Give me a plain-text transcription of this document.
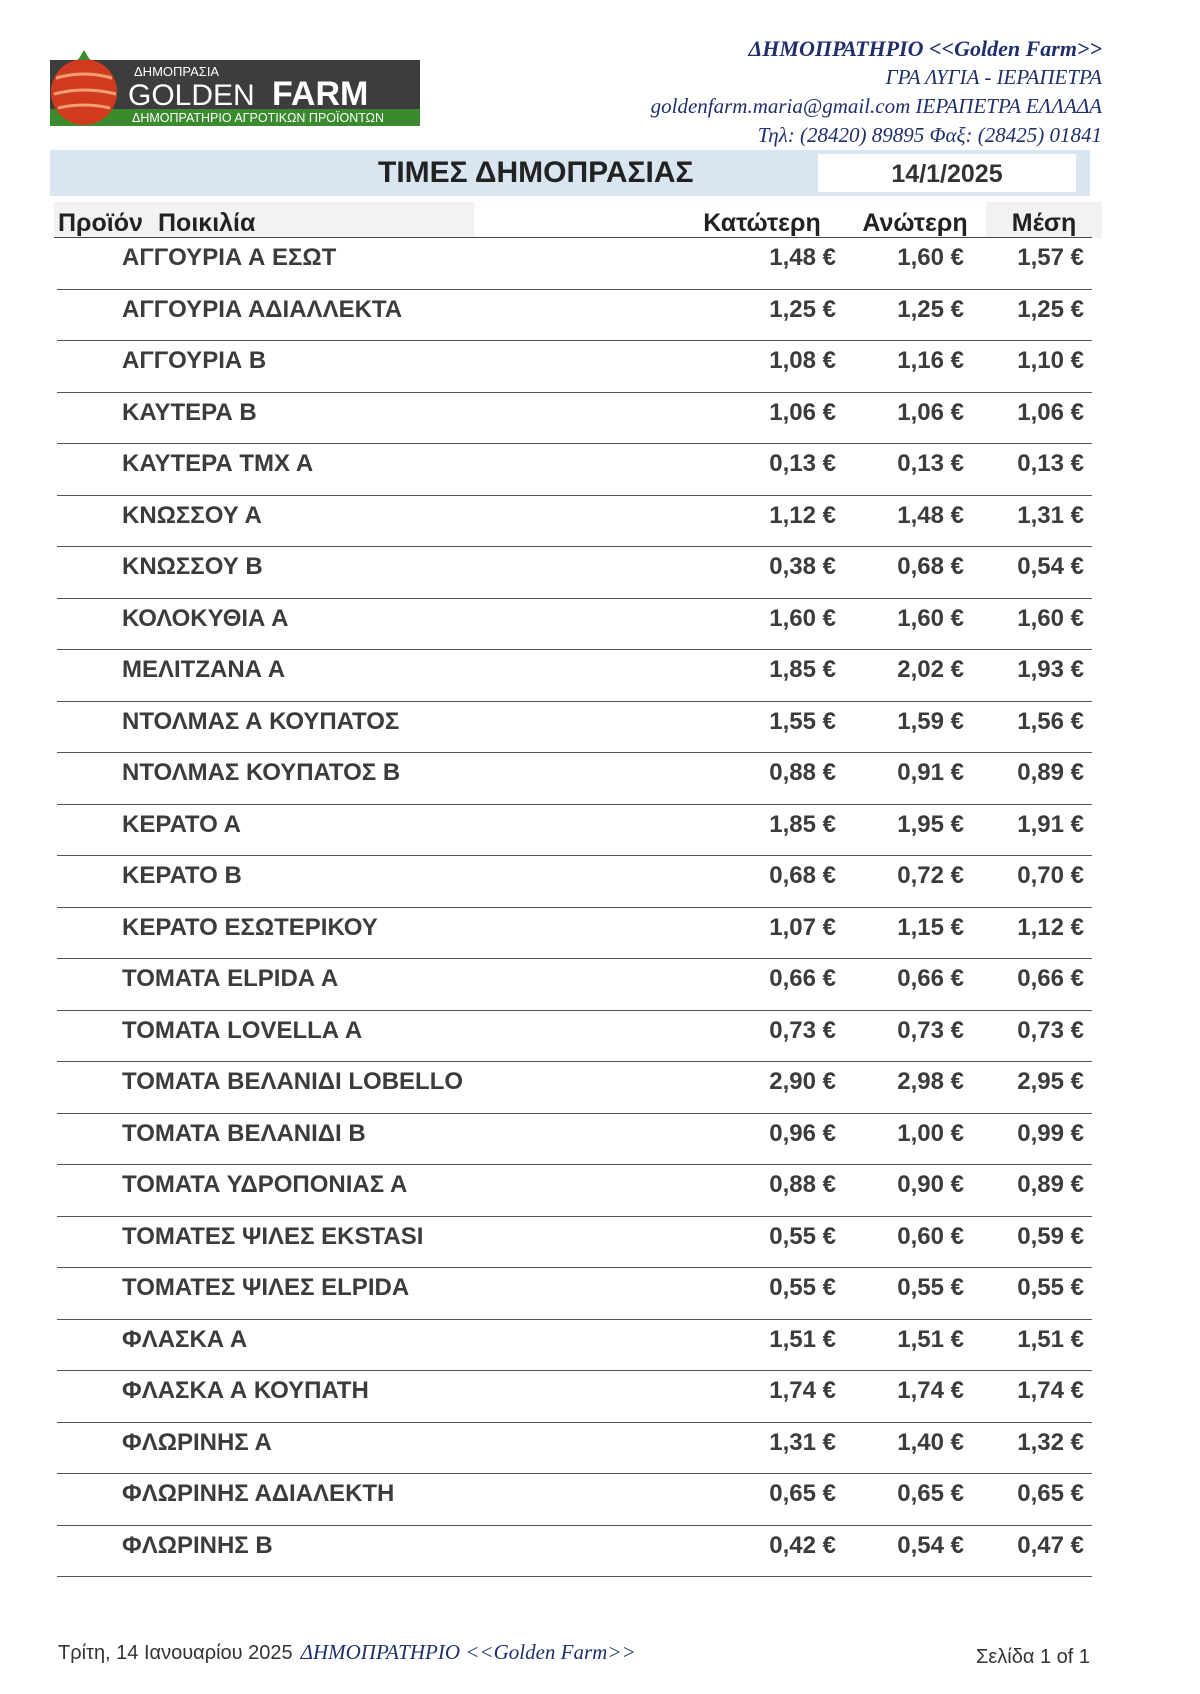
ΔΗΜΟΠΡΑΣΙΑ
GOLDEN FARM
ΔΗΜΟΠΡΑΤΗΡΙΟ ΑΓΡΟΤΙΚΩΝ ΠΡΟΪΟΝΤΩΝ
ΔΗΜΟΠΡΑΤΗΡΙΟ <<Golden Farm>>
ΓΡΑ ΛΥΓΙΑ - ΙΕΡΑΠΕΤΡΑ
goldenfarm.maria@gmail.com ΙΕΡΑΠΕΤΡΑ ΕΛΛΑΔΑ
Τηλ: (28420) 89895 Φαξ: (28425) 01841
ΤΙΜΕΣ ΔΗΜΟΠΡΑΣΙΑΣ	14/1/2025
Προϊόν Ποικιλία	Κατώτερη	Ανώτερη	Μέση
ΑΓΓΟΥΡΙΑ Α ΕΣΩΤ	1,48 €	1,60 € 1,57 €
ΑΓΓΟΥΡΙΑ ΑΔΙΑΛΛΕΚΤΑ	1,25 €	1,25 € 1,25 €
ΑΓΓΟΥΡΙΑ Β	1,08 €	1,16 € 1,10 €
ΚΑΥΤΕΡΑ Β	1,06 €	1,06 € 1,06 €
ΚΑΥΤΕΡΑ ΤΜΧ Α	0,13 €	0,13 € 0,13 €
ΚΝΩΣΣΟΥ Α	1,12 €	1,48 € 1,31 €
ΚΝΩΣΣΟΥ Β	0,38 €	0,68 € 0,54 €
ΚΟΛΟΚΥΘΙΑ Α	1,60 €	1,60 € 1,60 €
ΜΕΛΙΤΖΑΝΑ Α	1,85 €	2,02 € 1,93 €
ΝΤΟΛΜΑΣ Α ΚΟΥΠΑΤΟΣ	1,55 €	1,59 € 1,56 €
ΝΤΟΛΜΑΣ ΚΟΥΠΑΤΟΣ Β	0,88 €	0,91 € 0,89 €
ΚΕΡΑΤΟ Α	1,85 €	1,95 € 1,91 €
ΚΕΡΑΤΟ Β	0,68 €	0,72 € 0,70 €
ΚΕΡΑΤΟ ΕΣΩΤΕΡΙΚΟΥ	1,07 €	1,15 € 1,12 €
ΤΟΜΑΤΑ ELPIDA Α	0,66 €	0,66 € 0,66 €
ΤΟΜΑΤΑ LOVELLA Α	0,73 €	0,73 € 0,73 €
ΤΟΜΑΤΑ ΒΕΛΑΝΙΔΙ LOBELLO	2,90 €	2,98 € 2,95 €
ΤΟΜΑΤΑ ΒΕΛΑΝΙΔΙ Β	0,96 €	1,00 € 0,99 €
ΤΟΜΑΤΑ ΥΔΡΟΠΟΝΙΑΣ Α	0,88 €	0,90 € 0,89 €
ΤΟΜΑΤΕΣ ΨΙΛΕΣ EKSTASI	0,55 €	0,60 € 0,59 €
ΤΟΜΑΤΕΣ ΨΙΛΕΣ ELPIDA	0,55 €	0,55 € 0,55 €
ΦΛΑΣΚΑ Α	1,51 €	1,51 € 1,51 €
ΦΛΑΣΚΑ Α ΚΟΥΠΑΤΗ	1,74 €	1,74 € 1,74 €
ΦΛΩΡΙΝΗΣ Α	1,31 €	1,40 € 1,32 €
ΦΛΩΡΙΝΗΣ ΑΔΙΑΛΕΚΤΗ	0,65 €	0,65 € 0,65 €
ΦΛΩΡΙΝΗΣ Β	0,42 €	0,54 € 0,47 €
Τρίτη, 14 Ιανουαρίου 2025 ΔΗΜΟΠΡΑΤΗΡΙΟ <<Golden Farm>>	Σελίδα 1 of 1
